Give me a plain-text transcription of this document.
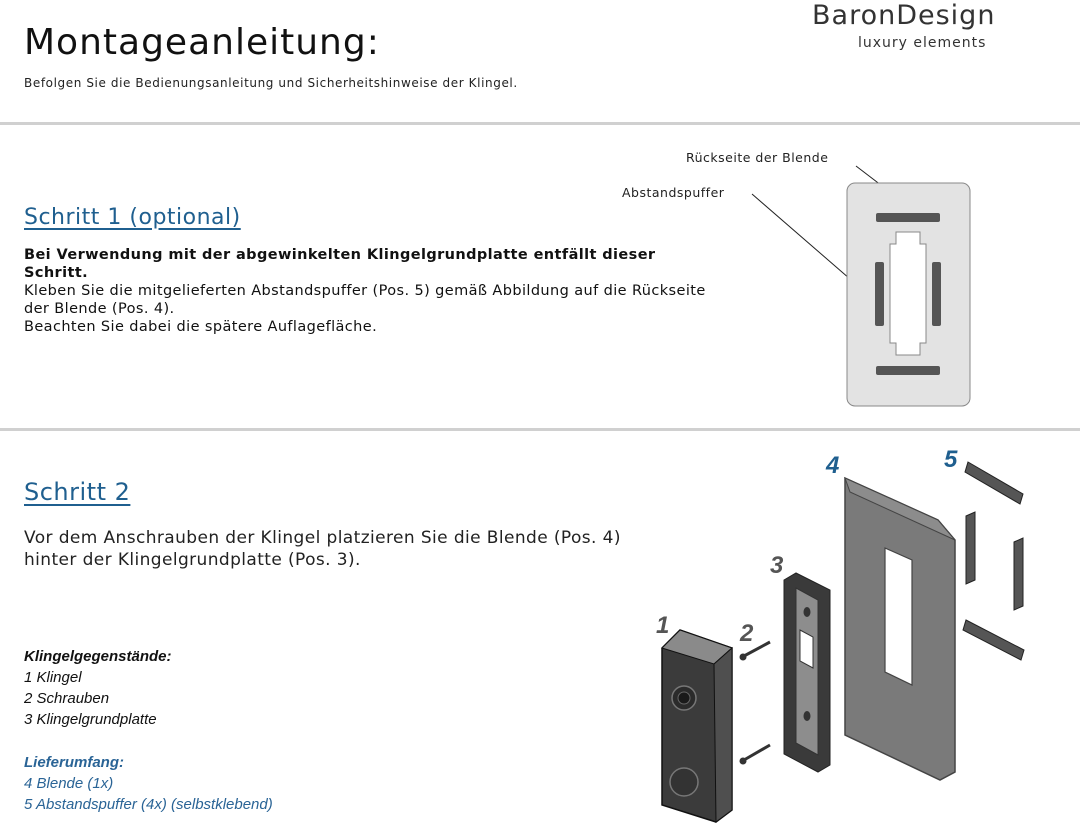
Montageanleitung:
Befolgen Sie die Bedienungsanleitung und Sicherheitshinweise der Klingel.
BaronDesign
luxury elements
Schritt 1 (optional)
Bei Verwendung mit der abgewinkelten Klingelgrundplatte entfällt dieser Schritt.
Kleben Sie die mitgelieferten Abstandspuffer (Pos. 5) gemäß Abbildung auf die Rückseite der Blende (Pos. 4).
Beachten Sie dabei die spätere Auflagefläche.
Rückseite der Blende
Abstandspuffer
Schritt 2
Vor dem Anschrauben der Klingel platzieren Sie die Blende (Pos. 4) hinter der Klingelgrundplatte (Pos. 3).
Klingelgegenstände:
1 Klingel
2 Schrauben
3 Klingelgrundplatte
Lieferumfang:
4 Blende (1x)
5 Abstandspuffer (4x) (selbstklebend)
1	2
3
4	5
